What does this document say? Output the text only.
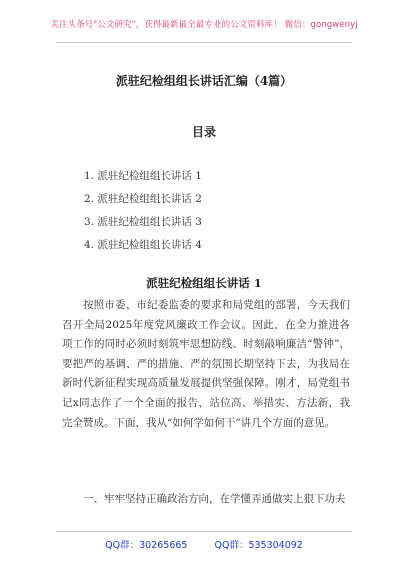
关注头条号"公文研究"，获得最新最全最专业的公文资料库！ 微信：gongwenyj
派驻纪检组组长讲话汇编（4篇）
目录
1. 派驻纪检组组长讲话 1
2. 派驻纪检组组长讲话 2
3. 派驻纪检组组长讲话 3
4. 派驻纪检组组长讲话 4
派驻纪检组组长讲话 1

按照市委、市纪委监委的要求和局党组的部署，今天我们召开全局2025年度党风廉政工作会议。因此，在全力推进各项工作的同时必须时刻筑牢思想防线、时刻敲响廉洁“警钟”，要把严的基调、严的措施、严的氛围长期坚持下去，为我局在新时代新征程实现高质量发展提供坚强保障。刚才，局党组书记x同志作了一个全面的报告，站位高、举措实、方法新，我完全赞成。下面，我从“如何学如何干”讲几个方面的意见。

一、牢牢坚持正确政治方向，在学懂弄通做实上狠下功夫

QQ群：30265665	QQ群：535304092
